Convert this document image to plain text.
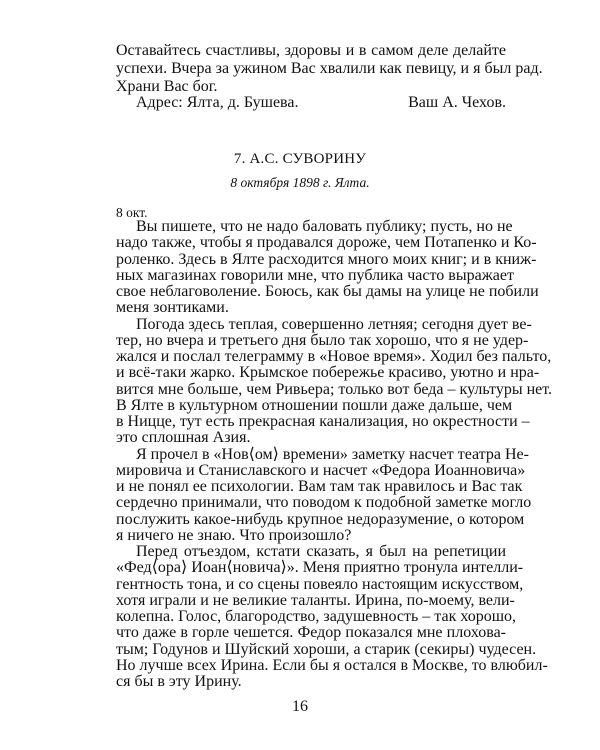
Оставайтесь счастливы, здоровы и в самом деле делайте
успехи. Вчера за ужином Вас хвалили как певицу, и я был рад.
Храни Вас бог.
Адрес: Ялта, д. Бушева.	Ваш А. Чехов.
7. А.С. СУВОРИНУ
8 октября 1898 г. Ялта.
8 окт.
Вы пишете, что не надо баловать публику; пусть, но не
надо также, чтобы я продавался дороже, чем Потапенко и Ко-
роленко. Здесь в Ялте расходится много моих книг; и в книж-
ных магазинах говорили мне, что публика часто выражает
свое неблаговоление. Боюсь, как бы дамы на улице не побили
меня зонтиками.
Погода здесь теплая, совершенно летняя; сегодня дует ве-
тер, но вчера и третьего дня было так хорошо, что я не удер-
жался и послал телеграмму в «Новое время». Ходил без пальто,
и всё-таки жарко. Крымское побережье красиво, уютно и нра-
вится мне больше, чем Ривьера; только вот беда – культуры нет.
В Ялте в культурном отношении пошли даже дальше, чем
в Ницце, тут есть прекрасная канализация, но окрестности –
это сплошная Азия.
Я прочел в «Нов⟨ом⟩ времени» заметку насчет театра Не-
мировича и Станиславского и насчет «Федора Иоанновича»
и не понял ее психологии. Вам там так нравилось и Вас так
сердечно принимали, что поводом к подобной заметке могло
послужить какое-нибудь крупное недоразумение, о котором
я ничего не знаю. Что произошло?
Перед отъездом, кстати сказать, я был на репетиции
«Фед⟨ора⟩ Иоан⟨новича⟩». Меня приятно тронула интелли-
гентность тона, и со сцены повеяло настоящим искусством,
хотя играли и не великие таланты. Ирина, по-моему, вели-
колепна. Голос, благородство, задушевность – так хорошо,
что даже в горле чешется. Федор показался мне плохова-
тым; Годунов и Шуйский хороши, а старик (секиры) чудесен.
Но лучше всех Ирина. Если бы я остался в Москве, то влюбил-
ся бы в эту Ирину.
16
